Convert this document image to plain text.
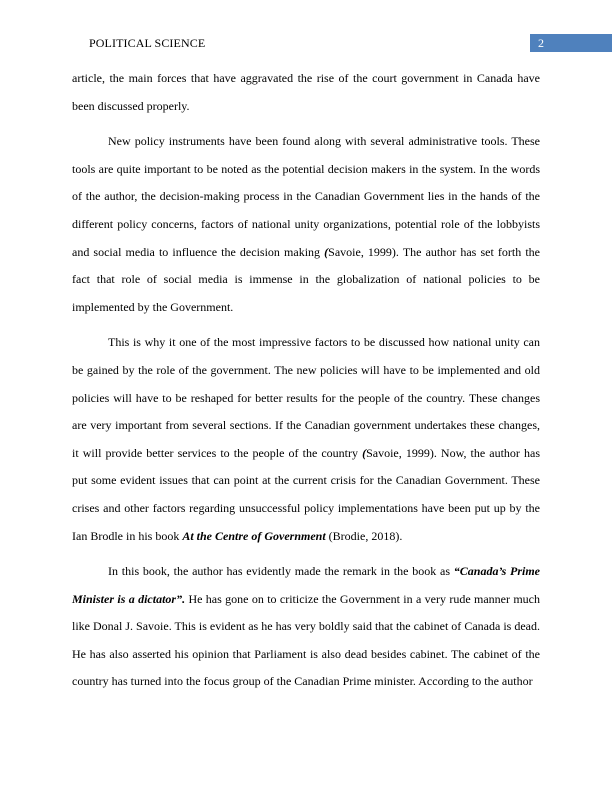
POLITICAL SCIENCE	2

article, the main forces that have aggravated the rise of the court government in Canada have been discussed properly.

New policy instruments have been found along with several administrative tools. These tools are quite important to be noted as the potential decision makers in the system. In the words of the author, the decision-making process in the Canadian Government lies in the hands of the different policy concerns, factors of national unity organizations, potential role of the lobbyists and social media to influence the decision making (Savoie, 1999). The author has set forth the fact that role of social media is immense in the globalization of national policies to be implemented by the Government.

This is why it one of the most impressive factors to be discussed how national unity can be gained by the role of the government. The new policies will have to be implemented and old policies will have to be reshaped for better results for the people of the country. These changes are very important from several sections. If the Canadian government undertakes these changes, it will provide better services to the people of the country (Savoie, 1999). Now, the author has put some evident issues that can point at the current crisis for the Canadian Government. These crises and other factors regarding unsuccessful policy implementations have been put up by the Ian Brodle in his book At the Centre of Government (Brodie, 2018).

In this book, the author has evidently made the remark in the book as “Canada’s Prime Minister is a dictator”. He has gone on to criticize the Government in a very rude manner much like Donal J. Savoie. This is evident as he has very boldly said that the cabinet of Canada is dead. He has also asserted his opinion that Parliament is also dead besides cabinet. The cabinet of the country has turned into the focus group of the Canadian Prime minister. According to the author
